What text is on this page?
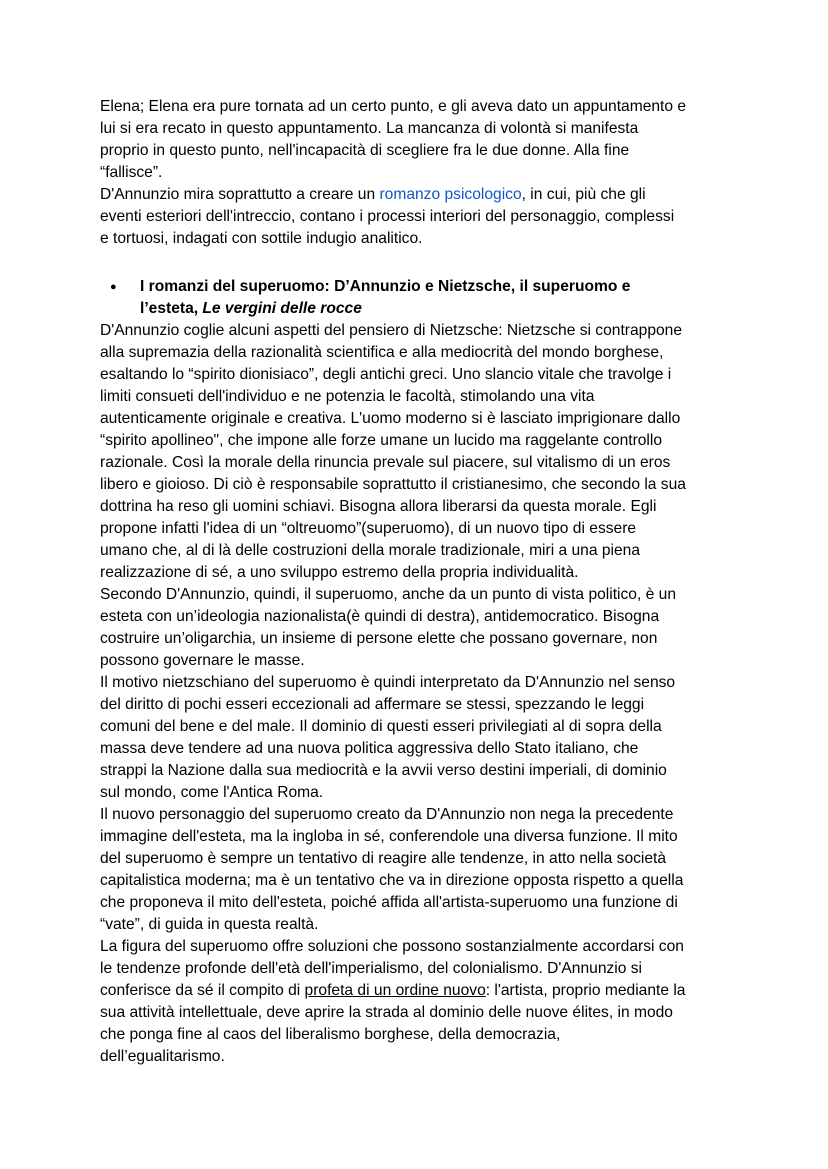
Elena; Elena era pure tornata ad un certo punto, e gli aveva dato un appuntamento e

lui si era recato in questo appuntamento. La mancanza di volontà si manifesta

proprio in questo punto, nell'incapacità di scegliere fra le due donne. Alla fine

“fallisce”.

D'Annunzio mira soprattutto a creare un romanzo psicologico, in cui, più che gli

eventi esteriori dell'intreccio, contano i processi interiori del personaggio, complessi

e tortuosi, indagati con sottile indugio analitico.

● I romanzi del superuomo: D’Annunzio e Nietzsche, il superuomo e

l’esteta, Le vergini delle rocce

D'Annunzio coglie alcuni aspetti del pensiero di Nietzsche: Nietzsche si contrappone

alla supremazia della razionalità scientifica e alla mediocrità del mondo borghese,

esaltando lo “spirito dionisiaco”, degli antichi greci. Uno slancio vitale che travolge i

limiti consueti dell'individuo e ne potenzia le facoltà, stimolando una vita

autenticamente originale e creativa. L'uomo moderno si è lasciato imprigionare dallo

“spirito apollineo", che impone alle forze umane un lucido ma raggelante controllo

razionale. Così la morale della rinuncia prevale sul piacere, sul vitalismo di un eros

libero e gioioso. Di ciò è responsabile soprattutto il cristianesimo, che secondo la sua

dottrina ha reso gli uomini schiavi. Bisogna allora liberarsi da questa morale. Egli

propone infatti l'idea di un “oltreuomo”(superuomo), di un nuovo tipo di essere

umano che, al di là delle costruzioni della morale tradizionale, miri a una piena

realizzazione di sé, a uno sviluppo estremo della propria individualità.

Secondo D'Annunzio, quindi, il superuomo, anche da un punto di vista politico, è un

esteta con un’ideologia nazionalista(è quindi di destra), antidemocratico. Bisogna

costruire un’oligarchia, un insieme di persone elette che possano governare, non

possono governare le masse.

Il motivo nietzschiano del superuomo è quindi interpretato da D'Annunzio nel senso

del diritto di pochi esseri eccezionali ad affermare se stessi, spezzando le leggi

comuni del bene e del male. Il dominio di questi esseri privilegiati al di sopra della

massa deve tendere ad una nuova politica aggressiva dello Stato italiano, che

strappi la Nazione dalla sua mediocrità e la avvii verso destini imperiali, di dominio

sul mondo, come l'Antica Roma.

Il nuovo personaggio del superuomo creato da D'Annunzio non nega la precedente

immagine dell'esteta, ma la ingloba in sé, conferendole una diversa funzione. Il mito

del superuomo è sempre un tentativo di reagire alle tendenze, in atto nella società

capitalistica moderna; ma è un tentativo che va in direzione opposta rispetto a quella

che proponeva il mito dell'esteta, poiché affida all'artista-superuomo una funzione di

“vate”, di guida in questa realtà.

La figura del superuomo offre soluzioni che possono sostanzialmente accordarsi con

le tendenze profonde dell'età dell'imperialismo, del colonialismo. D'Annunzio si

conferisce da sé il compito di profeta di un ordine nuovo: l'artista, proprio mediante la

sua attività intellettuale, deve aprire la strada al dominio delle nuove élites, in modo

che ponga fine al caos del liberalismo borghese, della democrazia,

dell’egualitarismo.
